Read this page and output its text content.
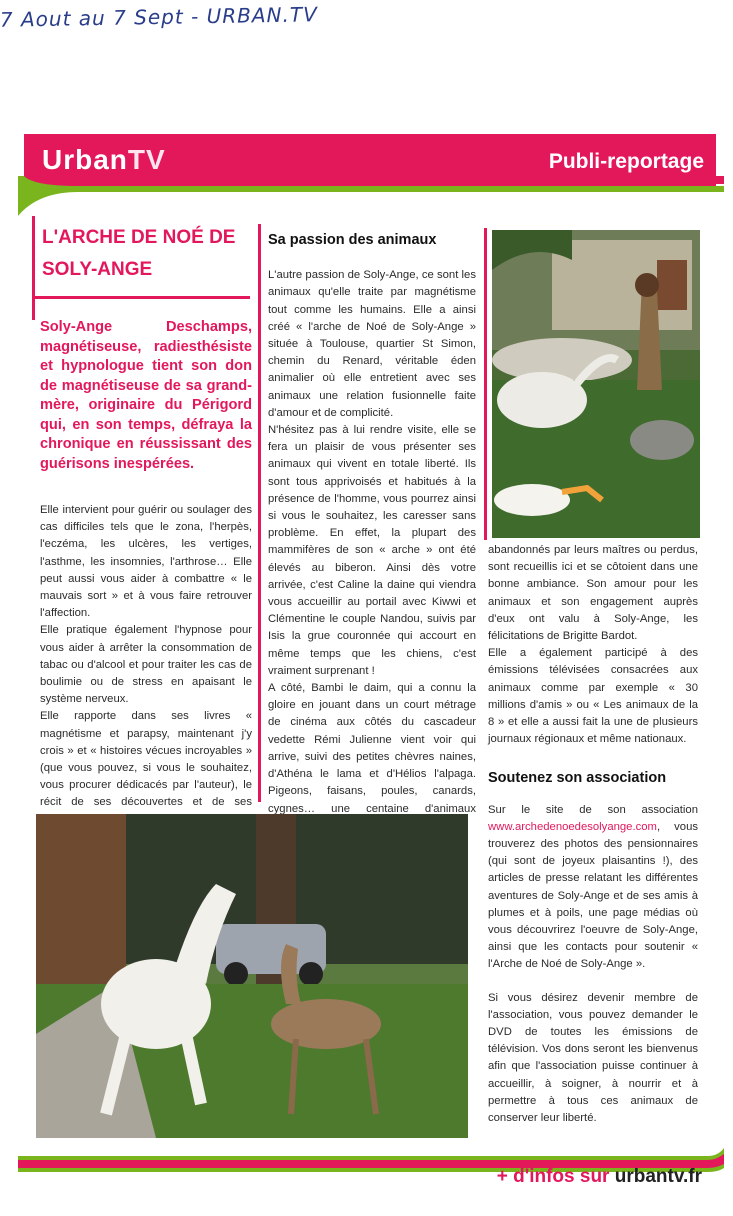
7 Aout au 7 Sept - URBAN.TV
UrbanTV	Publi-reportage
L'ARCHE DE NOÉ DE
SOLY-ANGE
Soly-Ange Deschamps, magnétiseuse, radiesthésiste et hypnologue tient son don de magnétiseuse de sa grand-mère, originaire du Périgord qui, en son temps, défraya la chronique en réussissant des guérisons inespérées.

Elle intervient pour guérir ou soulager des cas difficiles tels que le zona, l'herpès, l'eczéma, les ulcères, les vertiges, l'asthme, les insomnies, l'arthrose… Elle peut aussi vous aider à combattre « le mauvais sort » et à vous faire retrouver l'affection.

Elle pratique également l'hypnose pour vous aider à arrêter la consommation de tabac ou d'alcool et pour traiter les cas de boulimie ou de stress en apaisant le système nerveux.

Elle rapporte dans ses livres « magnétisme et parapsy, maintenant j'y crois » et « histoires vécues incroyables » (que vous pouvez, si vous le souhaitez, vous procurer dédicacés par l'auteur), le récit de ses découvertes et de ses

Sa passion des animaux

L'autre passion de Soly-Ange, ce sont les animaux qu'elle traite par magnétisme tout comme les humains. Elle a ainsi créé « l'arche de Noé de Soly-Ange » située à Toulouse, quartier St Simon, chemin du Renard, véritable éden animalier où elle entretient avec ses animaux une relation fusionnelle faite d'amour et de complicité.

N'hésitez pas à lui rendre visite, elle se fera un plaisir de vous présenter ses animaux qui vivent en totale liberté. Ils sont tous apprivoisés et habitués à la présence de l'homme, vous pourrez ainsi si vous le souhaitez, les caresser sans problème. En effet, la plupart des mammifères de son « arche » ont été élevés au biberon. Ainsi dès votre arrivée, c'est Caline la daine qui viendra vous accueillir au portail avec Kiwwi et Clémentine le couple Nandou, suivis par Isis la grue couronnée qui accourt en même temps que les chiens, c'est vraiment surprenant !

A côté, Bambi le daim, qui a connu la gloire en jouant dans un court métrage de cinéma aux côtés du cascadeur vedette Rémi Julienne vient voir qui arrive, suivi des petites chèvres naines, d'Athéna le lama et d'Hélios l'alpaga. Pigeons, faisans, poules, canards, cygnes… une centaine d'animaux

abandonnés par leurs maîtres ou perdus, sont recueillis ici et se côtoient dans une bonne ambiance. Son amour pour les animaux et son engagement auprès d'eux ont valu à Soly-Ange, les félicitations de Brigitte Bardot.

Elle a également participé à des émissions télévisées consacrées aux animaux comme par exemple « 30 millions d'amis » ou « Les animaux de la 8 » et elle a aussi fait la une de plusieurs journaux régionaux et même nationaux.

Soutenez son association

Sur le site de son association www.archedenoedesolyange.com, vous trouverez des photos des pensionnaires (qui sont de joyeux plaisantins !), des articles de presse relatant les différentes aventures de Soly-Ange et de ses amis à plumes et à poils, une page médias où vous découvrirez l'oeuvre de Soly-Ange, ainsi que les contacts pour soutenir « l'Arche de Noé de Soly-Ange ».

Si vous désirez devenir membre de l'association, vous pouvez demander le DVD de toutes les émissions de télévision. Vos dons seront les bienvenus afin que l'association puisse continuer à accueillir, à soigner, à nourrir et à permettre à tous ces animaux de conserver leur liberté.

+ d'infos sur urbantv.fr
